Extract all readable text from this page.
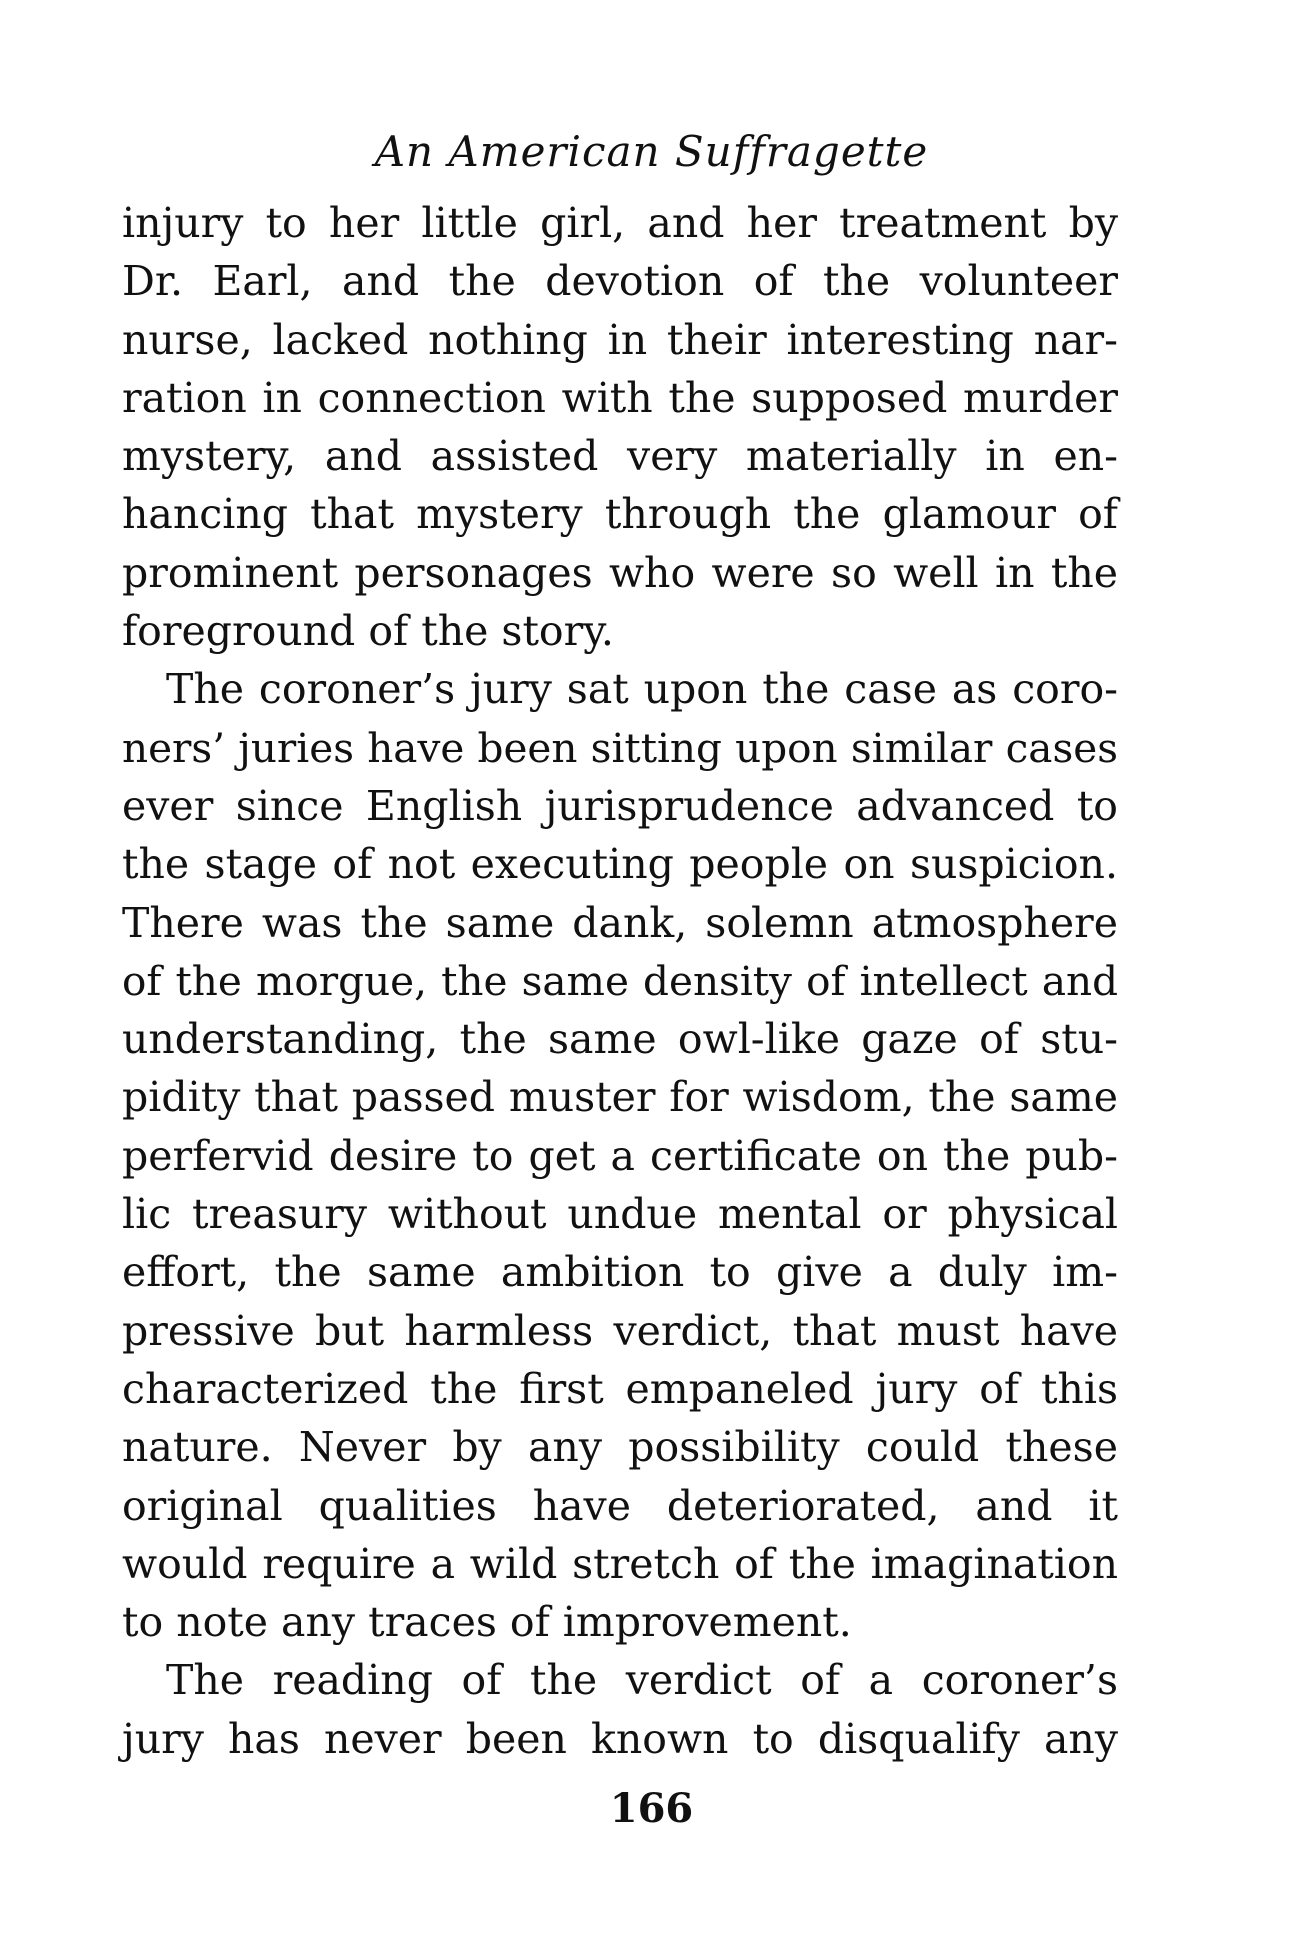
An American Suffragette
injury to her little girl, and her treatment by
Dr. Earl, and the devotion of the volunteer
nurse, lacked nothing in their interesting nar-
ration in connection with the supposed murder
mystery, and assisted very materially in en-
hancing that mystery through the glamour of
prominent personages who were so well in the
foreground of the story.
The coroner’s jury sat upon the case as coro-
ners’ juries have been sitting upon similar cases
ever since English jurisprudence advanced to
the stage of not executing people on suspicion.
There was the same dank, solemn atmosphere
of the morgue, the same density of intellect and
understanding, the same owl-like gaze of stu-
pidity that passed muster for wisdom, the same
perfervid desire to get a certificate on the pub-
lic treasury without undue mental or physical
effort, the same ambition to give a duly im-
pressive but harmless verdict, that must have
characterized the first empaneled jury of this
nature. Never by any possibility could these
original qualities have deteriorated, and it
would require a wild stretch of the imagination
to note any traces of improvement.
The reading of the verdict of a coroner’s
jury has never been known to disqualify any
166
